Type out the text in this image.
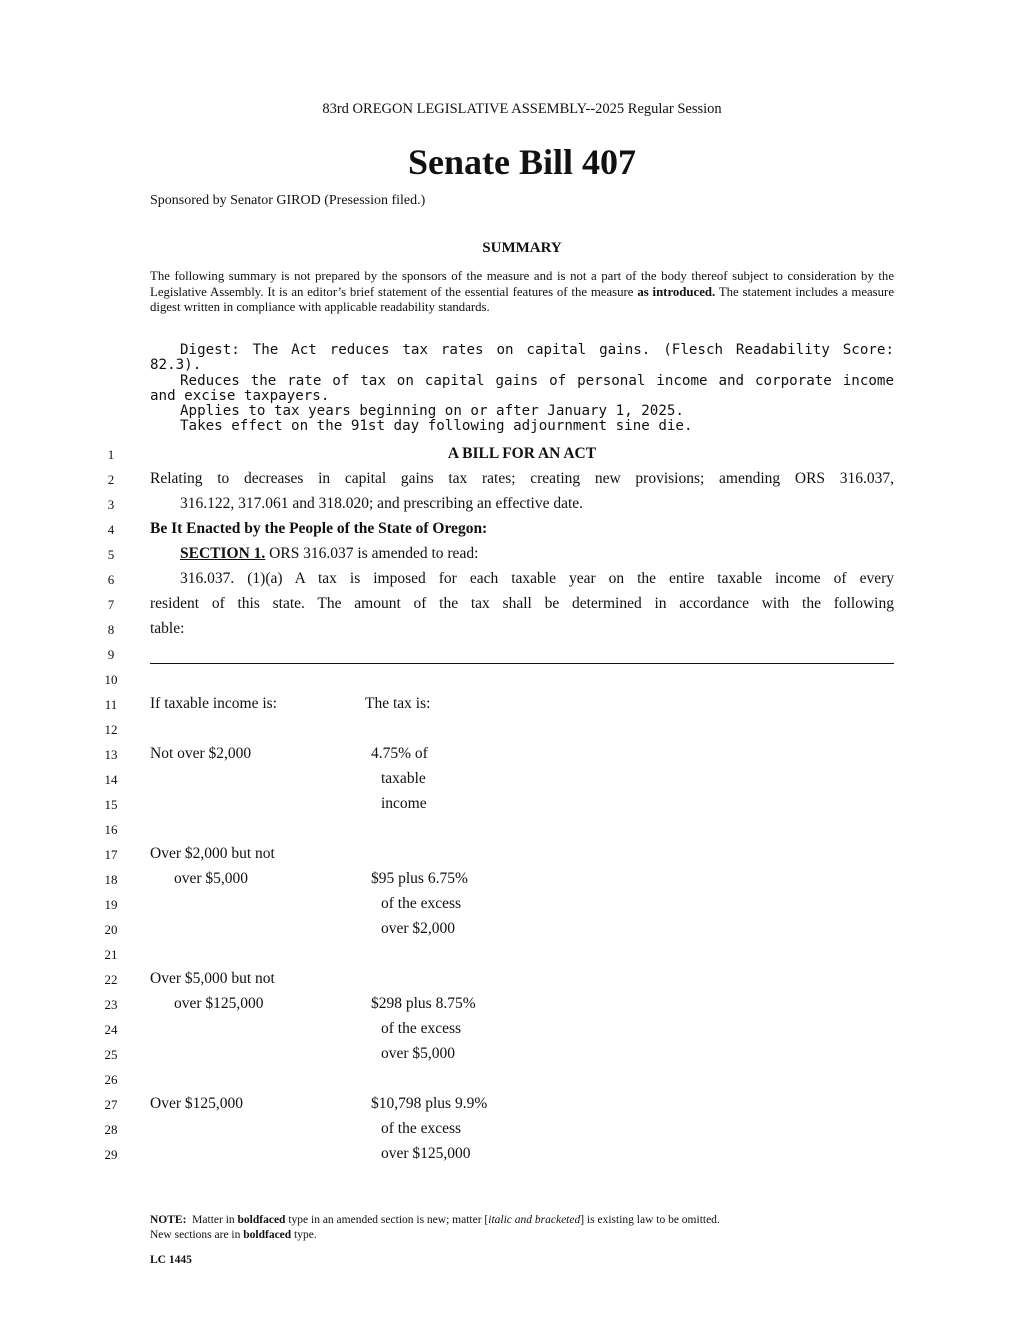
83rd OREGON LEGISLATIVE ASSEMBLY--2025 Regular Session
Senate Bill 407
Sponsored by Senator GIROD (Presession filed.)
SUMMARY
The following summary is not prepared by the sponsors of the measure and is not a part of the body thereof subject to consideration by the Legislative Assembly. It is an editor’s brief statement of the essential features of the measure as introduced. The statement includes a measure digest written in compliance with applicable readability standards.

Digest: The Act reduces tax rates on capital gains. (Flesch Readability Score: 82.3).

Reduces the rate of tax on capital gains of personal income and corporate income and excise taxpayers.

Applies to tax years beginning on or after January 1, 2025.

Takes effect on the 91st day following adjournment sine die.

1
2
3
4
5
6
7
8
9
10
11
12
13
14
15
16
17
18
19
20
21
22
23
24
25
26
27
28
29
A BILL FOR AN ACT
Relating to decreases in capital gains tax rates; creating new provisions; amending ORS 316.037,
316.122, 317.061 and 318.020; and prescribing an effective date.
Be It Enacted by the People of the State of Oregon:
SECTION 1. ORS 316.037 is amended to read:
316.037. (1)(a) A tax is imposed for each taxable year on the entire taxable income of every
resident of this state. The amount of the tax shall be determined in accordance with the following
table:
If taxable income is:	The tax is:
Not over $2,000	4.75% of
taxable
income
Over $2,000 but not
over $5,000	$95 plus 6.75%
of the excess
over $2,000
Over $5,000 but not
over $125,000	$298 plus 8.75%
of the excess
over $5,000
Over $125,000	$10,798 plus 9.9%
of the excess
over $125,000
NOTE: Matter in boldfaced type in an amended section is new; matter [italic and bracketed] is existing law to be omitted.
New sections are in boldfaced type.
LC 1445
